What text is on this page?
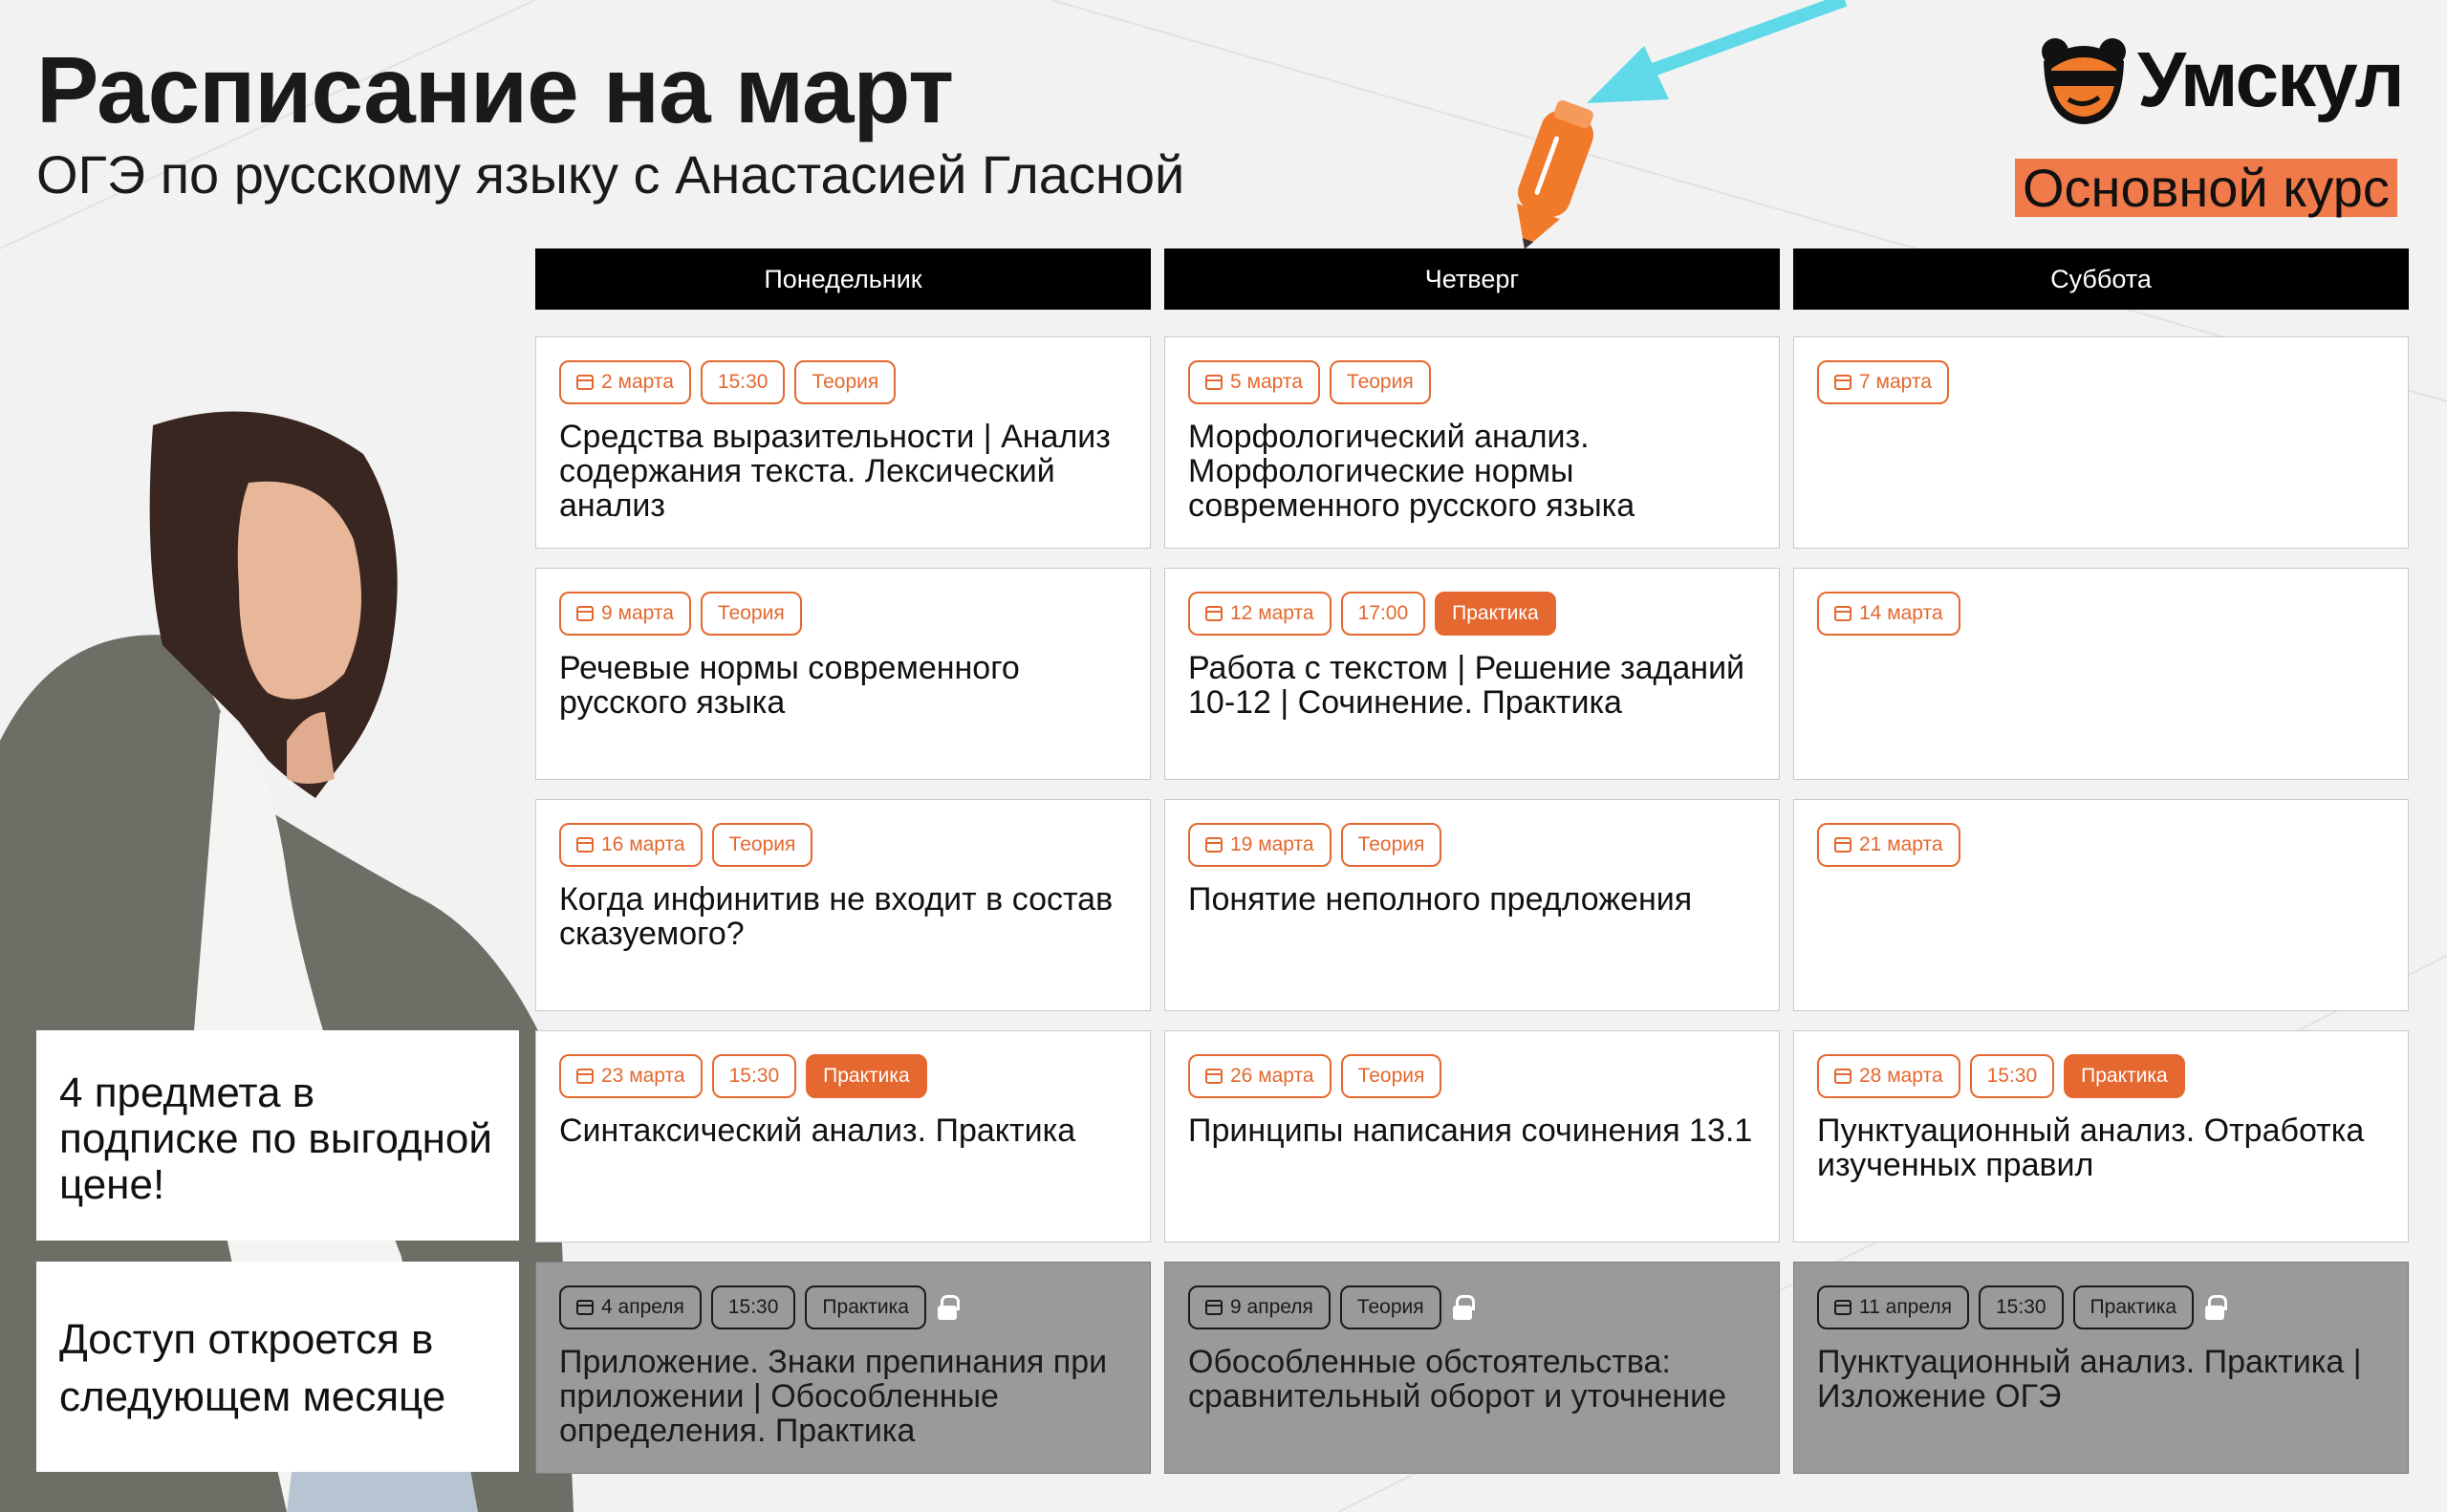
Расписание на март
ОГЭ по русскому языку с Анастасией Гласной
Умскул
Основной курс
Понедельник	Четверг	Суббота
2 марта	15:30	Теория
Средства выразительности | Анализ содержания текста. Лексический анализ
5 марта	Теория
Морфологический анализ. Морфологические нормы современного русского языка
7 марта
9 марта	Теория
Речевые нормы современного русского языка
12 марта	17:00	Практика
Работа с текстом | Решение заданий 10-12 | Сочинение. Практика
14 марта
16 марта	Теория
Когда инфинитив не входит в состав сказуемого?
19 марта	Теория
Понятие неполного предложения
21 марта
23 марта	15:30	Практика
Синтаксический анализ. Практика
26 марта	Теория
Принципы написания сочинения 13.1
28 марта	15:30	Практика
Пунктуационный анализ. Отработка изученных правил
4 апреля	15:30	Практика
Приложение. Знаки препинания при приложении | Обособленные определения. Практика
9 апреля	Теория
Обособленные обстоятельства: сравнительный оборот и уточнение
11 апреля	15:30	Практика
Пунктуационный анализ. Практика | Изложение ОГЭ
4 предмета в подписке по выгодной цене!
Доступ откроется в следующем месяце
